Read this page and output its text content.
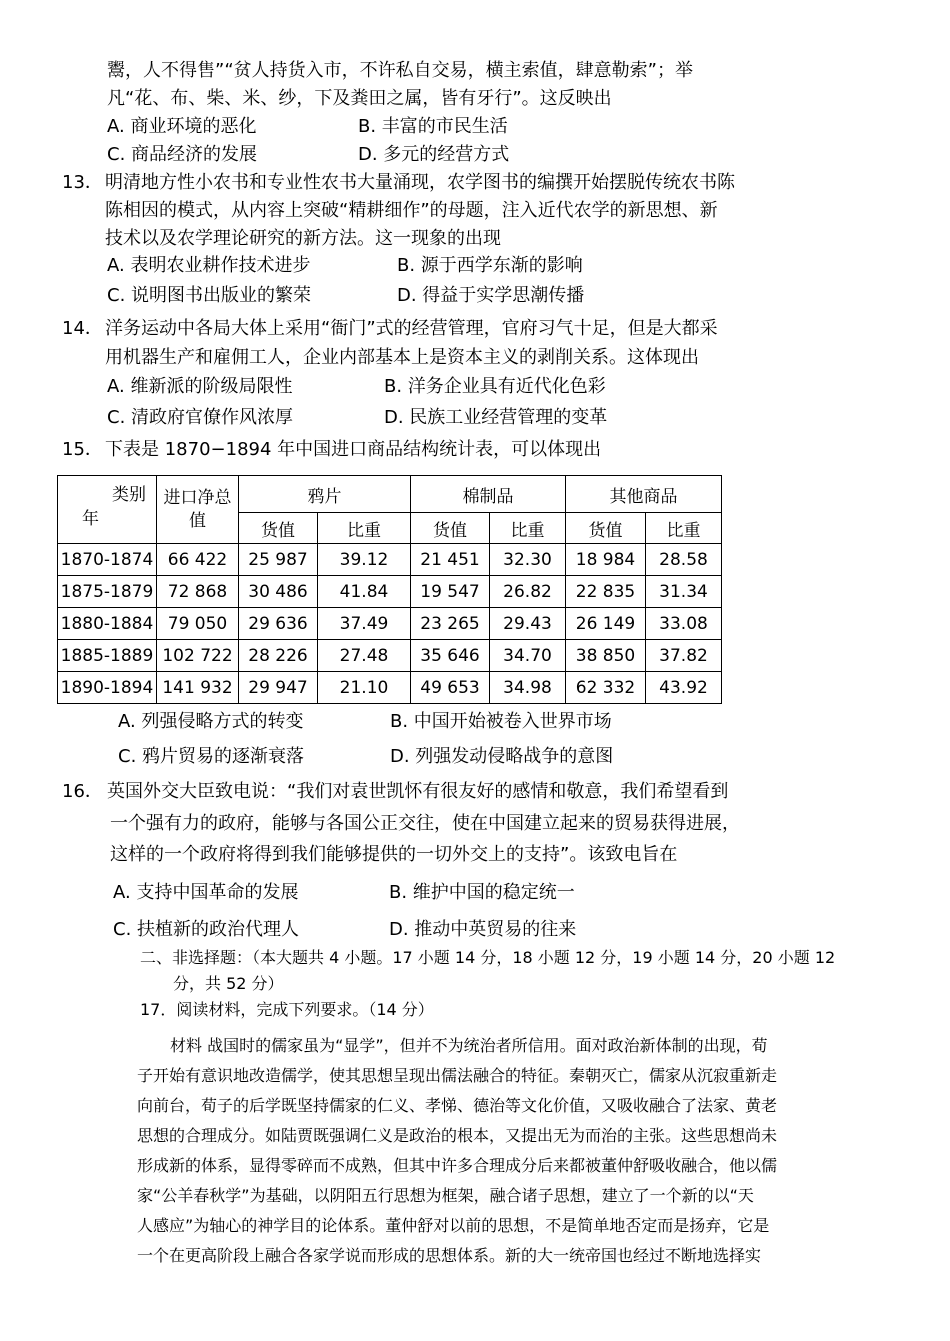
鬻，人不得售”“贫人持货入市，不许私自交易，横主索值，肆意勒索”；举
凡“花、布、柴、米、纱，下及粪田之属，皆有牙行”。这反映出
A. 商业环境的恶化	B. 丰富的市民生活
C. 商品经济的发展	D. 多元的经营方式
13． 明清地方性小农书和专业性农书大量涌现，农学图书的编撰开始摆脱传统农书陈
陈相因的模式，从内容上突破“精耕细作”的母题，注入近代农学的新思想、新
技术以及农学理论研究的新方法。这一现象的出现
A. 表明农业耕作技术进步	B. 源于西学东渐的影响
C. 说明图书出版业的繁荣	D. 得益于实学思潮传播
14． 洋务运动中各局大体上采用“衙门”式的经营管理，官府习气十足，但是大都采
用机器生产和雇佣工人，企业内部基本上是资本主义的剥削关系。这体现出
A. 维新派的阶级局限性	B. 洋务企业具有近代化色彩
C. 清政府官僚作风浓厚	D. 民族工业经营管理的变革
15． 下表是 1870−1894 年中国进口商品结构统计表，可以体现出
类别
年	进口净总值	鸦片		棉制品		其他商品	
		货值	比重	货值	比重	货值	比重
1870-1874	66 422	25 987	39.12	21 451	32.30	18 984	28.58
1875-1879	72 868	30 486	41.84	19 547	26.82	22 835	31.34
1880-1884	79 050	29 636	37.49	23 265	29.43	26 149	33.08
1885-1889	102 722	28 226	27.48	35 646	34.70	38 850	37.82
1890-1894	141 932	29 947	21.10	49 653	34.98	62 332	43.92
A. 列强侵略方式的转变	B. 中国开始被卷入世界市场
C. 鸦片贸易的逐渐衰落	D. 列强发动侵略战争的意图
16． 英国外交大臣致电说：“我们对袁世凯怀有很友好的感情和敬意，我们希望看到
一个强有力的政府，能够与各国公正交往，使在中国建立起来的贸易获得进展，
这样的一个政府将得到我们能够提供的一切外交上的支持”。该致电旨在
A. 支持中国革命的发展	B. 维护中国的稳定统一
C. 扶植新的政治代理人	D. 推动中英贸易的往来
二、非选择题：（本大题共 4 小题。17 小题 14 分，18 小题 12 分，19 小题 14 分，20 小题 12
分，共 52 分）
17．阅读材料，完成下列要求。（14 分）
材料 战国时的儒家虽为“显学”，但并不为统治者所信用。面对政治新体制的出现，荀
子开始有意识地改造儒学，使其思想呈现出儒法融合的特征。秦朝灭亡，儒家从沉寂重新走
向前台，荀子的后学既坚持儒家的仁义、孝悌、德治等文化价值，又吸收融合了法家、黄老
思想的合理成分。如陆贾既强调仁义是政治的根本，又提出无为而治的主张。这些思想尚未
形成新的体系，显得零碎而不成熟，但其中许多合理成分后来都被董仲舒吸收融合，他以儒
家“公羊春秋学”为基础，以阴阳五行思想为框架，融合诸子思想，建立了一个新的以“天
人感应”为轴心的神学目的论体系。董仲舒对以前的思想，不是简单地否定而是扬弃，它是
一个在更高阶段上融合各家学说而形成的思想体系。新的大一统帝国也经过不断地选择实
